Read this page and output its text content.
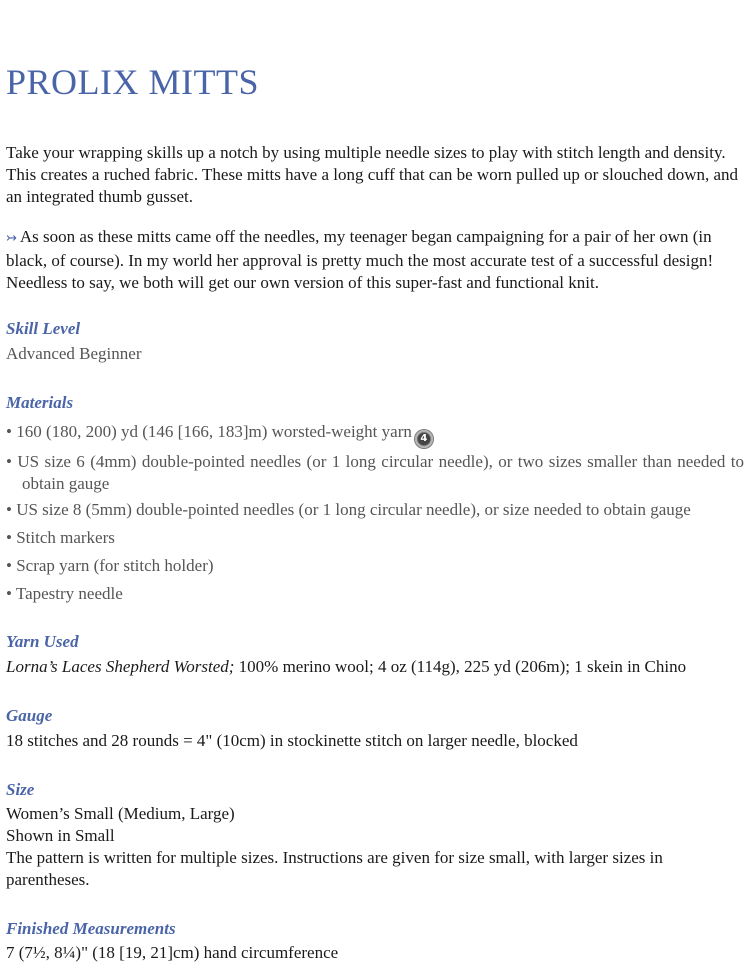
PROLIX MITTS
Take your wrapping skills up a notch by using multiple needle sizes to play with stitch length and density. This creates a ruched fabric. These mitts have a long cuff that can be worn pulled up or slouched down, and an integrated thumb gusset.
↣ As soon as these mitts came off the needles, my teenager began campaigning for a pair of her own (in black, of course). In my world her approval is pretty much the most accurate test of a successful design! Needless to say, we both will get our own version of this super-fast and functional knit.
Skill Level
Advanced Beginner
Materials
• 160 (180, 200) yd (146 [166, 183]m) worsted-weight yarn 4
• US size 6 (4mm) double-pointed needles (or 1 long circular needle), or two sizes smaller than needed to obtain gauge
• US size 8 (5mm) double-pointed needles (or 1 long circular needle), or size needed to obtain gauge
• Stitch markers
• Scrap yarn (for stitch holder)
• Tapestry needle
Yarn Used
Lorna’s Laces Shepherd Worsted; 100% merino wool; 4 oz (114g), 225 yd (206m); 1 skein in Chino
Gauge
18 stitches and 28 rounds = 4" (10cm) in stockinette stitch on larger needle, blocked
Size
Women’s Small (Medium, Large)
Shown in Small
The pattern is written for multiple sizes. Instructions are given for size small, with larger sizes in parentheses.
Finished Measurements
7 (7½, 8¼)" (18 [19, 21]cm) hand circumference
